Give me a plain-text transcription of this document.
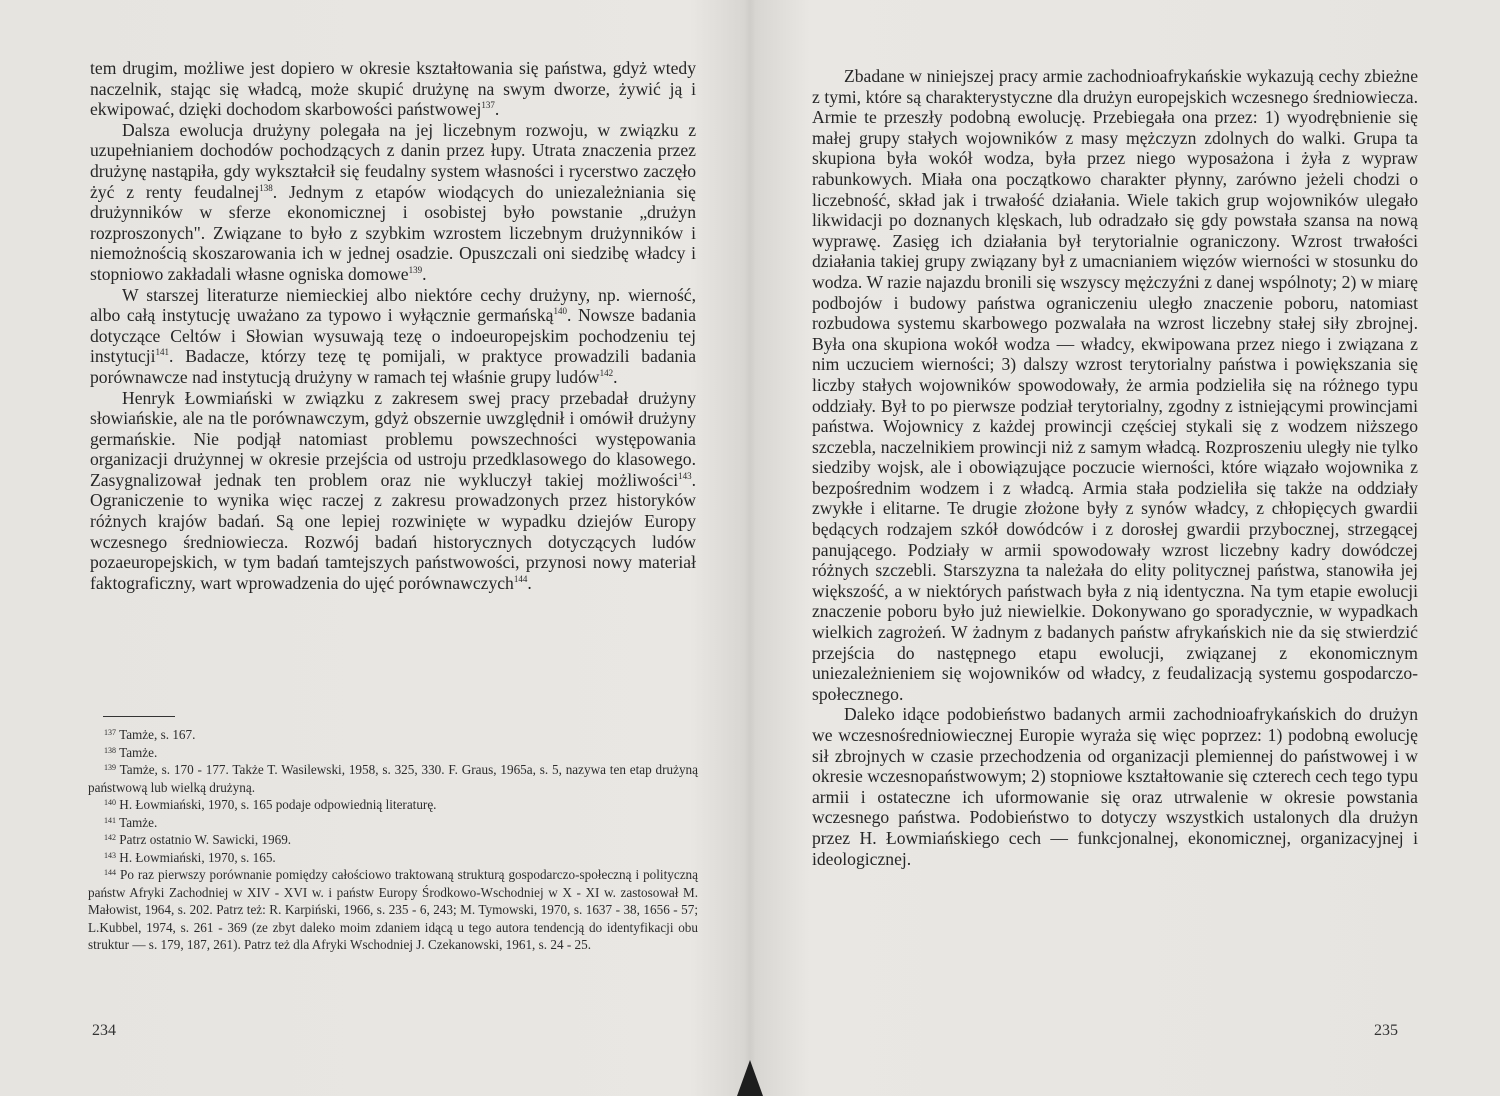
tem drugim, możliwe jest dopiero w okresie kształtowania się państwa, gdyż wtedy naczelnik, stając się władcą, może skupić drużynę na swym dworze, żywić ją i ekwipować, dzięki dochodom skarbowości państwowej$^{137}$.

Dalsza ewolucja drużyny polegała na jej liczebnym rozwoju, w związku z uzupełnianiem dochodów pochodzących z danin przez łupy. Utrata znaczenia przez drużynę nastąpiła, gdy wykształcił się feudalny system własności i rycerstwo zaczęło żyć z renty feudalnej$^{138}$. Jednym z etapów wiodących do uniezależniania się drużynników w sferze ekonomicznej i osobistej było powstanie „drużyn rozproszonych". Związane to było z szybkim wzrostem liczebnym drużynników i niemożnością skoszarowania ich w jednej osadzie. Opuszczali oni siedzibę władcy i stopniowo zakładali własne ogniska domowe$^{139}$.

W starszej literaturze niemieckiej albo niektóre cechy drużyny, np. wierność, albo całą instytucję uważano za typowo i wyłącznie germańską$^{140}$. Nowsze badania dotyczące Celtów i Słowian wysuwają tezę o indoeuropejskim pochodzeniu tej instytucji$^{141}$. Badacze, którzy tezę tę pomijali, w praktyce prowadzili badania porównawcze nad instytucją drużyny w ramach tej właśnie grupy ludów$^{142}$.

Henryk Łowmiański w związku z zakresem swej pracy przebadał drużyny słowiańskie, ale na tle porównawczym, gdyż obszernie uwzględnił i omówił drużyny germańskie. Nie podjął natomiast problemu powszechności występowania organizacji drużynnej w okresie przejścia od ustroju przedklasowego do klasowego. Zasygnalizował jednak ten problem oraz nie wykluczył takiej możliwości$^{143}$. Ograniczenie to wynika więc raczej z zakresu prowadzonych przez historyków różnych krajów badań. Są one lepiej rozwinięte w wypadku dziejów Europy wczesnego średniowiecza. Rozwój badań historycznych dotyczących ludów pozaeuropejskich, w tym badań tamtejszych państwowości, przynosi nowy materiał faktograficzny, wart wprowadzenia do ujęć porównawczych$^{144}$.

$^{137}$ Tamże, s. 167.

$^{138}$ Tamże.

$^{139}$ Tamże, s. 170 - 177. Także T. Wasilewski, 1958, s. 325, 330. F. Graus, 1965a, s. 5, nazywa ten etap drużyną państwową lub wielką drużyną.

$^{140}$ H. Łowmiański, 1970, s. 165 podaje odpowiednią literaturę.

$^{141}$ Tamże.

$^{142}$ Patrz ostatnio W. Sawicki, 1969.

$^{143}$ H. Łowmiański, 1970, s. 165.

$^{144}$ Po raz pierwszy porównanie pomiędzy całościowo traktowaną strukturą gospodarczo-społeczną i polityczną państw Afryki Zachodniej w XIV - XVI w. i państw Europy Środkowo-Wschodniej w X - XI w. zastosował M. Małowist, 1964, s. 202. Patrz też: R. Karpiński, 1966, s. 235 - 6, 243; M. Tymowski, 1970, s. 1637 - 38, 1656 - 57; L.Kubbel, 1974, s. 261 - 369 (ze zbyt daleko moim zdaniem idącą u tego autora tendencją do identyfikacji obu struktur — s. 179, 187, 261). Patrz też dla Afryki Wschodniej J. Czekanowski, 1961, s. 24 - 25.

234

Zbadane w niniejszej pracy armie zachodnioafrykańskie wykazują cechy zbieżne z tymi, które są charakterystyczne dla drużyn europejskich wczesnego średniowiecza. Armie te przeszły podobną ewolucję. Przebiegała ona przez: 1) wyodrębnienie się małej grupy stałych wojowników z masy mężczyzn zdolnych do walki. Grupa ta skupiona była wokół wodza, była przez niego wyposażona i żyła z wypraw rabunkowych. Miała ona początkowo charakter płynny, zarówno jeżeli chodzi o liczebność, skład jak i trwałość działania. Wiele takich grup wojowników ulegało likwidacji po doznanych klęskach, lub odradzało się gdy powstała szansa na nową wyprawę. Zasięg ich działania był terytorialnie ograniczony. Wzrost trwałości działania takiej grupy związany był z umacnianiem więzów wierności w stosunku do wodza. W razie najazdu bronili się wszyscy mężczyźni z danej wspólnoty; 2) w miarę podbojów i budowy państwa ograniczeniu uległo znaczenie poboru, natomiast rozbudowa systemu skarbowego pozwalała na wzrost liczebny stałej siły zbrojnej. Była ona skupiona wokół wodza — władcy, ekwipowana przez niego i związana z nim uczuciem wierności; 3) dalszy wzrost terytorialny państwa i powiększania się liczby stałych wojowników spowodowały, że armia podzieliła się na różnego typu oddziały. Był to po pierwsze podział terytorialny, zgodny z istniejącymi prowincjami państwa. Wojownicy z każdej prowincji częściej stykali się z wodzem niższego szczebla, naczelnikiem prowincji niż z samym władcą. Rozproszeniu uległy nie tylko siedziby wojsk, ale i obowiązujące poczucie wierności, które wiązało wojownika z bezpośrednim wodzem i z władcą. Armia stała podzieliła się także na oddziały zwykłe i elitarne. Te drugie złożone były z synów władcy, z chłopięcych gwardii będących rodzajem szkół dowódców i z dorosłej gwardii przybocznej, strzegącej panującego. Podziały w armii spowodowały wzrost liczebny kadry dowódczej różnych szczebli. Starszyzna ta należała do elity politycznej państwa, stanowiła jej większość, a w niektórych państwach była z nią identyczna. Na tym etapie ewolucji znaczenie poboru było już niewielkie. Dokonywano go sporadycznie, w wypadkach wielkich zagrożeń. W żadnym z badanych państw afrykańskich nie da się stwierdzić przejścia do następnego etapu ewolucji, związanej z ekonomicznym uniezależnieniem się wojowników od władcy, z feudalizacją systemu gospodarczo-społecznego.

Daleko idące podobieństwo badanych armii zachodnioafrykańskich do drużyn we wczesnośredniowiecznej Europie wyraża się więc poprzez: 1) podobną ewolucję sił zbrojnych w czasie przechodzenia od organizacji plemiennej do państwowej i w okresie wczesnopaństwowym; 2) stopniowe kształtowanie się czterech cech tego typu armii i ostateczne ich uformowanie się oraz utrwalenie w okresie powstania wczesnego państwa. Podobieństwo to dotyczy wszystkich ustalonych dla drużyn przez H. Łowmiańskiego cech — funkcjonalnej, ekonomicznej, organizacyjnej i ideologicznej.

235
